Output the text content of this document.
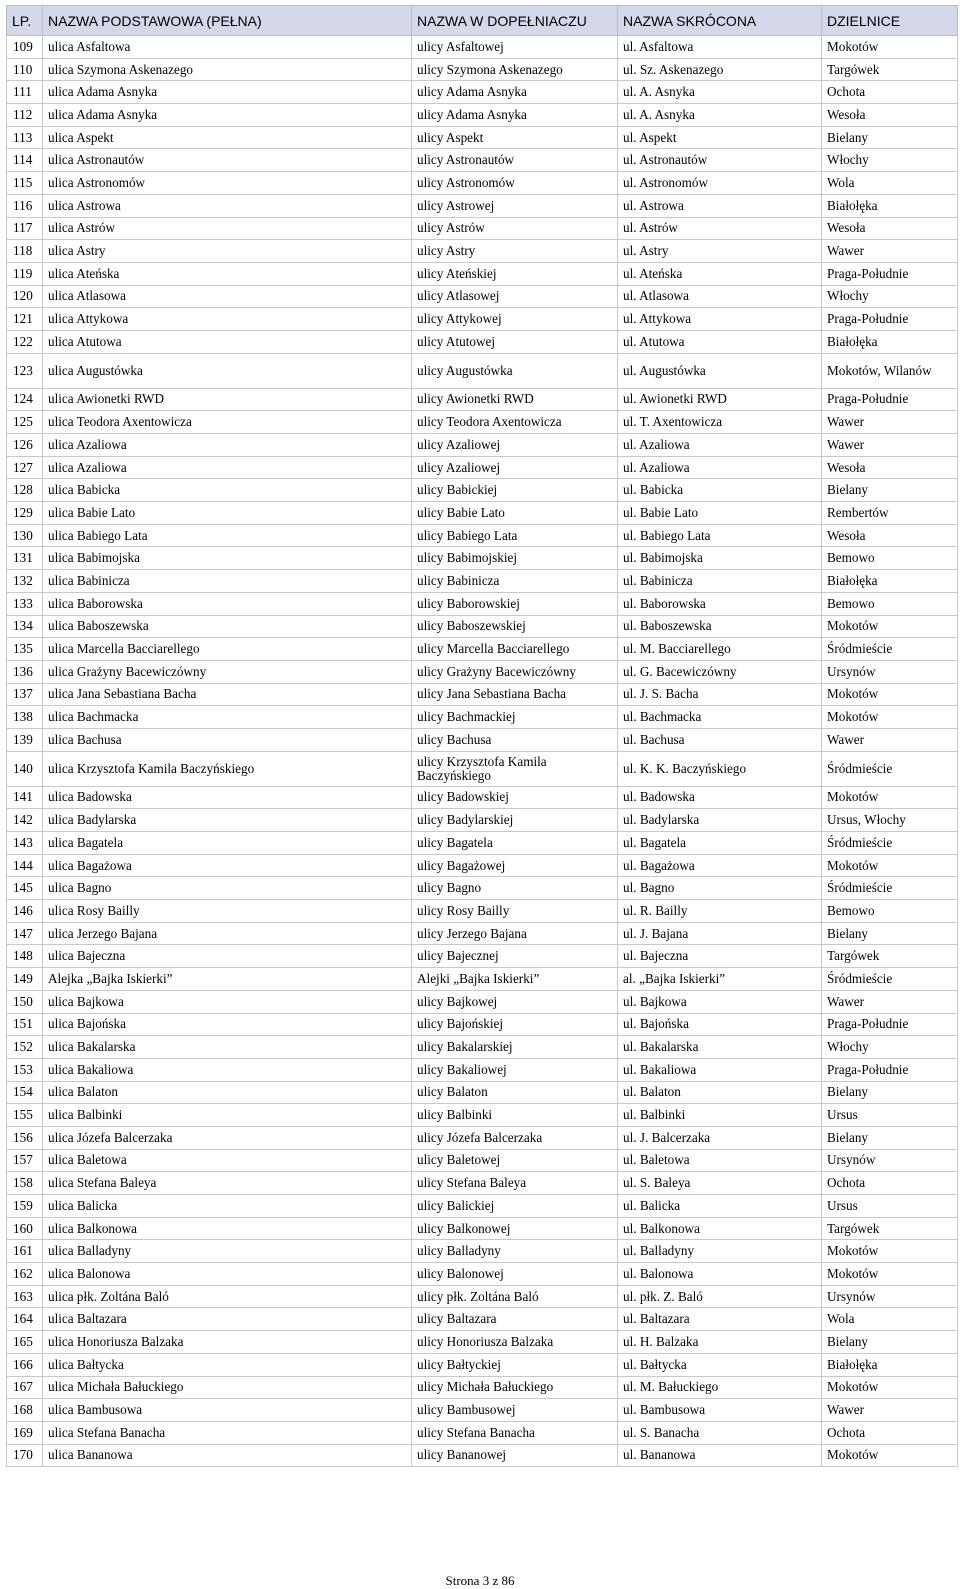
LP.	NAZWA PODSTAWOWA (PEŁNA)	NAZWA W DOPEŁNIACZU	NAZWA SKRÓCONA	DZIELNICE
109	ulica Asfaltowa	ulicy Asfaltowej	ul. Asfaltowa	Mokotów
110	ulica Szymona Askenazego	ulicy Szymona Askenazego	ul. Sz. Askenazego	Targówek
111	ulica Adama Asnyka	ulicy Adama Asnyka	ul. A. Asnyka	Ochota
112	ulica Adama Asnyka	ulicy Adama Asnyka	ul. A. Asnyka	Wesoła
113	ulica Aspekt	ulicy Aspekt	ul. Aspekt	Bielany
114	ulica Astronautów	ulicy Astronautów	ul. Astronautów	Włochy
115	ulica Astronomów	ulicy Astronomów	ul. Astronomów	Wola
116	ulica Astrowa	ulicy Astrowej	ul. Astrowa	Białołęka
117	ulica Astrów	ulicy Astrów	ul. Astrów	Wesoła
118	ulica Astry	ulicy Astry	ul. Astry	Wawer
119	ulica Ateńska	ulicy Ateńskiej	ul. Ateńska	Praga-Południe
120	ulica Atlasowa	ulicy Atlasowej	ul. Atlasowa	Włochy
121	ulica Attykowa	ulicy Attykowej	ul. Attykowa	Praga-Południe
122	ulica Atutowa	ulicy Atutowej	ul. Atutowa	Białołęka
123	ulica Augustówka	ulicy Augustówka	ul. Augustówka	Mokotów, Wilanów
124	ulica Awionetki RWD	ulicy Awionetki RWD	ul. Awionetki RWD	Praga-Południe
125	ulica Teodora Axentowicza	ulicy Teodora Axentowicza	ul. T. Axentowicza	Wawer
126	ulica Azaliowa	ulicy Azaliowej	ul. Azaliowa	Wawer
127	ulica Azaliowa	ulicy Azaliowej	ul. Azaliowa	Wesoła
128	ulica Babicka	ulicy Babickiej	ul. Babicka	Bielany
129	ulica Babie Lato	ulicy Babie Lato	ul. Babie Lato	Rembertów
130	ulica Babiego Lata	ulicy Babiego Lata	ul. Babiego Lata	Wesoła
131	ulica Babimojska	ulicy Babimojskiej	ul. Babimojska	Bemowo
132	ulica Babinicza	ulicy Babinicza	ul. Babinicza	Białołęka
133	ulica Baborowska	ulicy Baborowskiej	ul. Baborowska	Bemowo
134	ulica Baboszewska	ulicy Baboszewskiej	ul. Baboszewska	Mokotów
135	ulica Marcella Bacciarellego	ulicy Marcella Bacciarellego	ul. M. Bacciarellego	Śródmieście
136	ulica Grażyny Bacewiczówny	ulicy Grażyny Bacewiczówny	ul. G. Bacewiczówny	Ursynów
137	ulica Jana Sebastiana Bacha	ulicy Jana Sebastiana Bacha	ul. J. S. Bacha	Mokotów
138	ulica Bachmacka	ulicy Bachmackiej	ul. Bachmacka	Mokotów
139	ulica Bachusa	ulicy Bachusa	ul. Bachusa	Wawer
140	ulica Krzysztofa Kamila Baczyńskiego	ulicy Krzysztofa Kamila Baczyńskiego	ul. K. K. Baczyńskiego	Śródmieście
141	ulica Badowska	ulicy Badowskiej	ul. Badowska	Mokotów
142	ulica Badylarska	ulicy Badylarskiej	ul. Badylarska	Ursus, Włochy
143	ulica Bagatela	ulicy Bagatela	ul. Bagatela	Śródmieście
144	ulica Bagażowa	ulicy Bagażowej	ul. Bagażowa	Mokotów
145	ulica Bagno	ulicy Bagno	ul. Bagno	Śródmieście
146	ulica Rosy Bailly	ulicy Rosy Bailly	ul. R. Bailly	Bemowo
147	ulica Jerzego Bajana	ulicy Jerzego Bajana	ul. J. Bajana	Bielany
148	ulica Bajeczna	ulicy Bajecznej	ul. Bajeczna	Targówek
149	Alejka „Bajka Iskierki”	Alejki „Bajka Iskierki”	al. „Bajka Iskierki”	Śródmieście
150	ulica Bajkowa	ulicy Bajkowej	ul. Bajkowa	Wawer
151	ulica Bajońska	ulicy Bajońskiej	ul. Bajońska	Praga-Południe
152	ulica Bakalarska	ulicy Bakalarskiej	ul. Bakalarska	Włochy
153	ulica Bakaliowa	ulicy Bakaliowej	ul. Bakaliowa	Praga-Południe
154	ulica Balaton	ulicy Balaton	ul. Balaton	Bielany
155	ulica Balbinki	ulicy Balbinki	ul. Balbinki	Ursus
156	ulica Józefa Balcerzaka	ulicy Józefa Balcerzaka	ul. J. Balcerzaka	Bielany
157	ulica Baletowa	ulicy Baletowej	ul. Baletowa	Ursynów
158	ulica Stefana Baleya	ulicy Stefana Baleya	ul. S. Baleya	Ochota
159	ulica Balicka	ulicy Balickiej	ul. Balicka	Ursus
160	ulica Balkonowa	ulicy Balkonowej	ul. Balkonowa	Targówek
161	ulica Balladyny	ulicy Balladyny	ul. Balladyny	Mokotów
162	ulica Balonowa	ulicy Balonowej	ul. Balonowa	Mokotów
163	ulica płk. Zoltána Baló	ulicy płk. Zoltána Baló	ul. płk. Z. Baló	Ursynów
164	ulica Baltazara	ulicy Baltazara	ul. Baltazara	Wola
165	ulica Honoriusza Balzaka	ulicy Honoriusza Balzaka	ul. H. Balzaka	Bielany
166	ulica Bałtycka	ulicy Bałtyckiej	ul. Bałtycka	Białołęka
167	ulica Michała Bałuckiego	ulicy Michała Bałuckiego	ul. M. Bałuckiego	Mokotów
168	ulica Bambusowa	ulicy Bambusowej	ul. Bambusowa	Wawer
169	ulica Stefana Banacha	ulicy Stefana Banacha	ul. S. Banacha	Ochota
170	ulica Bananowa	ulicy Bananowej	ul. Bananowa	Mokotów
Strona 3 z 86
